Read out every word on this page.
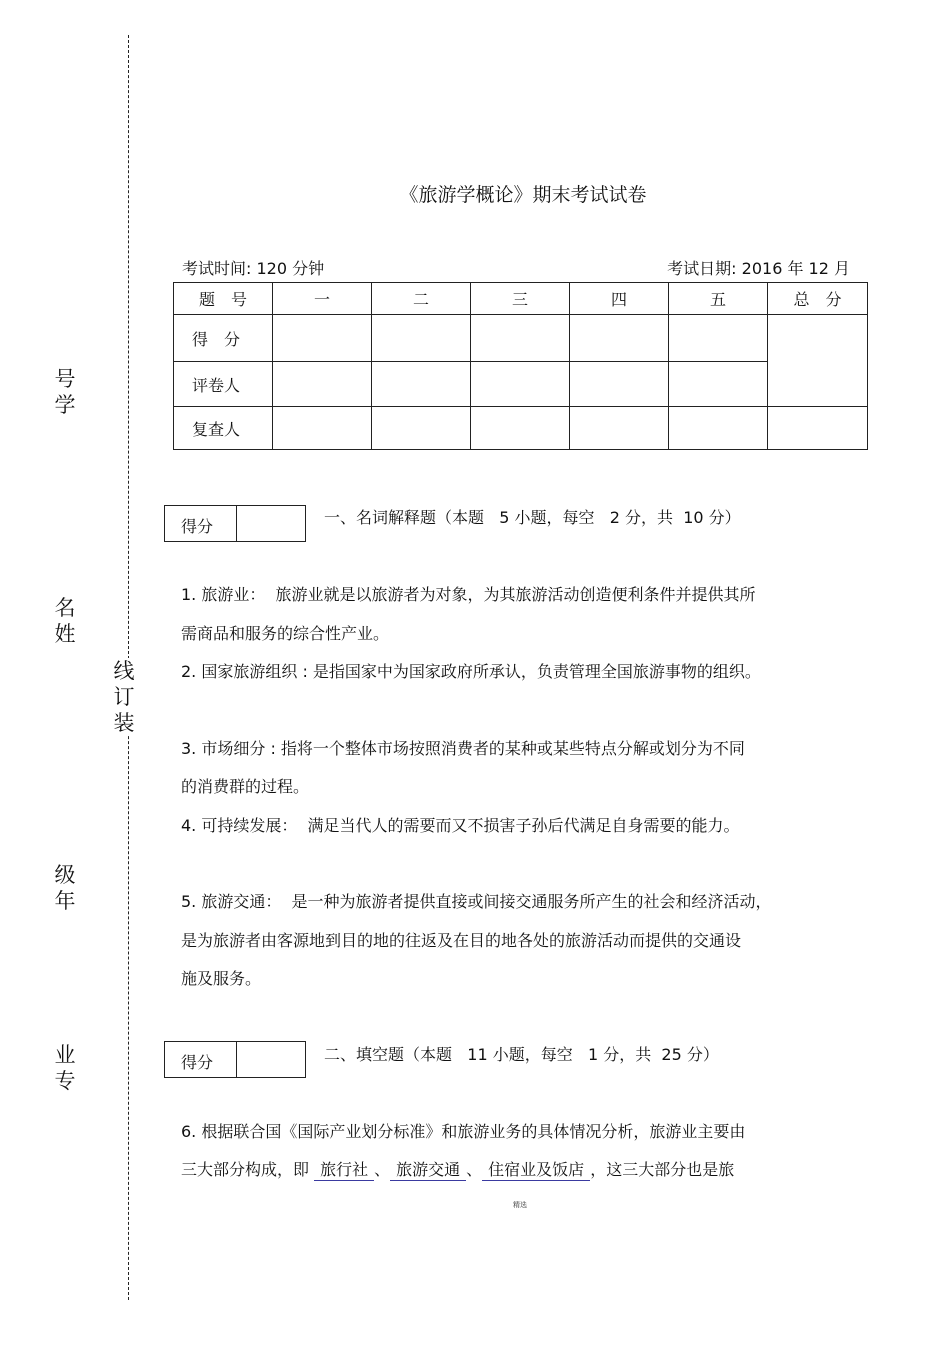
线
订
装
号
学
名
姓
级
年
业
专
《旅游学概论》期末考试试卷
考试时间: 120 分钟	考试日期: 2016 年 12 月
题　号	一	二	三	四	五	总　分
得　分						
评卷人						
复查人						
得分	一、名词解释题（本题   5 小题，每空   2 分，共  10 分）
1. 旅游业：  旅游业就是以旅游者为对象，为其旅游活动创造便利条件并提供其所
需商品和服务的综合性产业。
2. 国家旅游组织 : 是指国家中为国家政府所承认，负责管理全国旅游事物的组织。
3. 市场细分 : 指将一个整体市场按照消费者的某种或某些特点分解或划分为不同
的消费群的过程。
4. 可持续发展：  满足当代人的需要而又不损害子孙后代满足自身需要的能力。
5. 旅游交通：  是一种为旅游者提供直接或间接交通服务所产生的社会和经济活动，
是为旅游者由客源地到目的地的往返及在目的地各处的旅游活动而提供的交通设
施及服务。
得分	二、填空题（本题   11 小题，每空   1 分，共  25 分）
6. 根据联合国《国际产业划分标准》和旅游业务的具体情况分析，旅游业主要由
三大部分构成，即 旅行社 、 旅游交通 、 住宿业及饭店 ，这三大部分也是旅
精选
